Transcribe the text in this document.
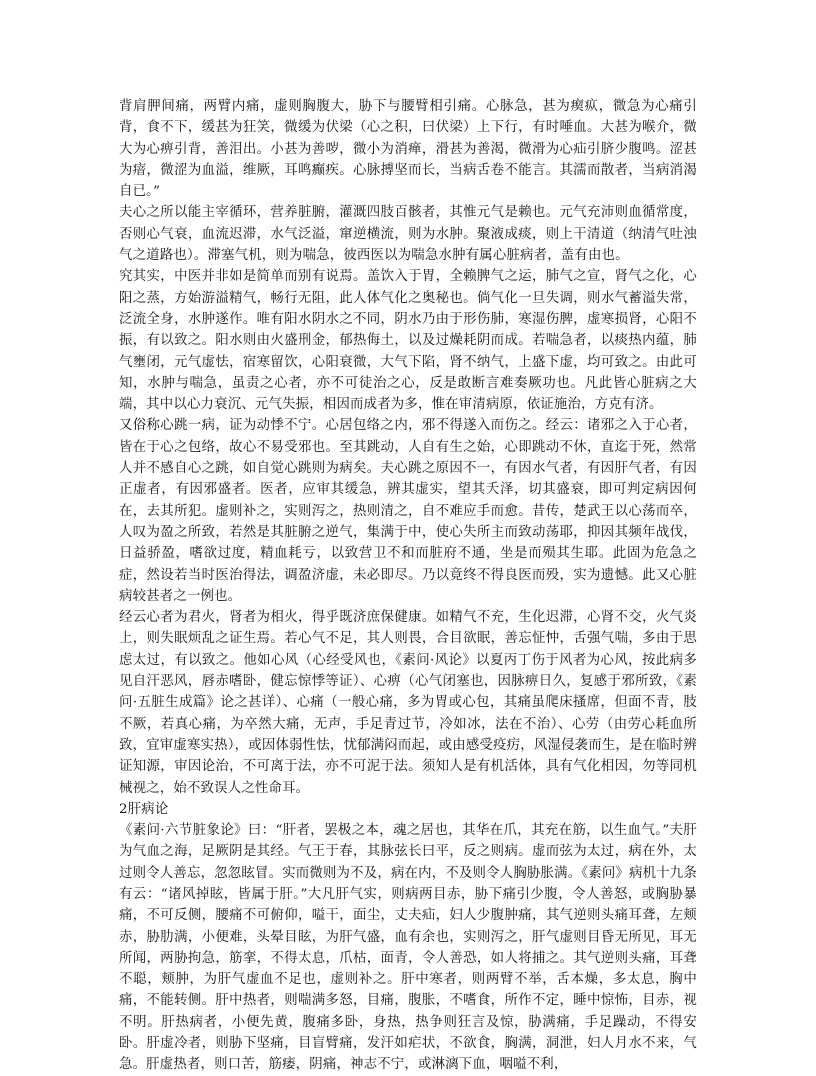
背肩胛间痛，两臂内痛，虚则胸腹大，胁下与腰臂相引痛。心脉急，甚为瘈疭，微急为心痛引背，食不下，缓甚为狂笑，微缓为伏梁（心之积，曰伏梁）上下行，有时唾血。大甚为喉介，微大为心痹引背，善泪出。小甚为善哕，微小为消瘅，滑甚为善渴，微滑为心疝引脐少腹鸣。涩甚为瘖，微涩为血溢，维厥，耳鸣癫疾。心脉搏坚而长，当病舌卷不能言。其濡而散者，当病消渴自已。”

夫心之所以能主宰循环，营养脏腑，灌溉四肢百骸者，其惟元气是赖也。元气充沛则血循常度，否则心气衰，血流迟滞，水气泛溢，窜逆横流，则为水肿。聚液成痰，则上干清道（纳清气吐浊气之道路也）。滞塞气机，则为喘急，彼西医以为喘急水肿有属心脏病者，盖有由也。

究其实，中医并非如是简单而别有说焉。盖饮入于胃，全赖脾气之运，肺气之宣，肾气之化，心阳之蒸，方始游溢精气，畅行无阻，此人体气化之奥秘也。倘气化一旦失调，则水气蓄溢失常，泛流全身，水肿遂作。唯有阳水阴水之不同，阴水乃由于形伤肺，寒湿伤脾，虚寒损肾，心阳不振，有以致之。阳水则由火盛刑金，郁热侮土，以及过燥耗阴而成。若喘急者，以痰热内蕴，肺气壅闭，元气虚怯，宿寒留饮，心阳衰微，大气下陷，肾不纳气，上盛下虚，均可致之。由此可知，水肿与喘急，虽责之心者，亦不可徒治之心，反是敢断言难奏厥功也。凡此皆心脏病之大端，其中以心力衰沉、元气失振，相因而成者为多，惟在审清病原，依证施治，方克有济。

又俗称心跳一病，证为动悸不宁。心居包络之内，邪不得遂入而伤之。经云：诸邪之入于心者，皆在于心之包络，故心不易受邪也。至其跳动，人自有生之始，心即跳动不休，直迄于死，然常人并不感自心之跳，如自觉心跳则为病矣。夫心跳之原因不一，有因水气者，有因肝气者，有因正虚者，有因邪盛者。医者，应审其缓急，辨其虚实，望其夭泽，切其盛衰，即可判定病因何在，去其所犯。虚则补之，实则泻之，热则清之，自不难应手而愈。昔传，楚武王以心荡而卒，人叹为盈之所致，若然是其脏腑之逆气，集满于中，使心失所主而致动荡耶，抑因其频年战伐，日益骄盈，嗜欲过度，精血耗亏，以致营卫不和而脏府不通，坐是而殒其生耶。此固为危急之症，然设若当时医治得法，调盈济虚，未必即尽。乃以竟终不得良医而殁，实为遗憾。此又心脏病较甚者之一例也。

经云心者为君火，肾者为相火，得乎既济庶保健康。如精气不充，生化迟滞，心肾不交，火气炎上，则失眠烦乱之证生焉。若心气不足，其人则畏，合目欲眠，善忘怔忡，舌强气喘，多由于思虑太过，有以致之。他如心风（心经受风也，《素问·风论》以夏丙丁伤于风者为心风，按此病多见自汗恶风，唇赤嗜卧，健忘惊悸等证）、心痹（心气闭塞也，因脉痹日久，复感于邪所致，《素问·五脏生成篇》论之甚详）、心痛（一般心痛，多为胃或心包，其痛虽爬床搔席，但面不青，肢不厥，若真心痛，为卒然大痛，无声，手足青过节，冷如冰，法在不治）、心劳（由劳心耗血所致，宜审虚寒实热），或因体弱性怯，忧郁满闷而起，或由感受疫疠，风湿侵袭而生，是在临时辨证知源，审因论治，不可离于法，亦不可泥于法。须知人是有机活体，具有气化相因，勿等同机械视之，始不致误人之性命耳。

2肝病论

《素问·六节脏象论》曰：“肝者，罢极之本，魂之居也，其华在爪，其充在筋，以生血气。”夫肝为气血之海，足厥阴是其经。气王于春，其脉弦长曰平，反之则病。虚而弦为太过，病在外，太过则令人善忘，忽忽眩冒。实而微则为不及，病在内，不及则令人胸胁胀满。《素问》病机十九条有云：“诸风掉眩，皆属于肝。”大凡肝气实，则病两目赤，胁下痛引少腹，令人善怒，或胸胁暴痛，不可反侧，腰痛不可俯仰，嗌干，面尘，丈夫疝，妇人少腹肿痛，其气逆则头痛耳聋，左颊赤，胁肋满，小便难，头晕目眩，为肝气盛，血有余也，实则泻之，肝气虚则目昏无所见，耳无所闻，两胁拘急，筋挛，不得太息，爪枯，面青，令人善恐，如人将捕之。其气逆则头痛，耳聋不聪，颊肿，为肝气虚血不足也，虚则补之。肝中寒者，则两臂不举，舌本燥，多太息，胸中痛，不能转侧。肝中热者，则喘满多怒，目痛，腹胀，不嗜食，所作不定，睡中惊怖，目赤，视不明。肝热病者，小便先黄，腹痛多卧，身热，热争则狂言及惊，胁满痛，手足躁动，不得安卧。肝虚冷者，则胁下坚痛，目盲臂痛，发汗如疟状，不欲食，胸满，洞泄，妇人月水不来，气急。肝虚热者，则口苦，筋痿，阴痛，神志不宁，或淋漓下血，咽嗌不利，
